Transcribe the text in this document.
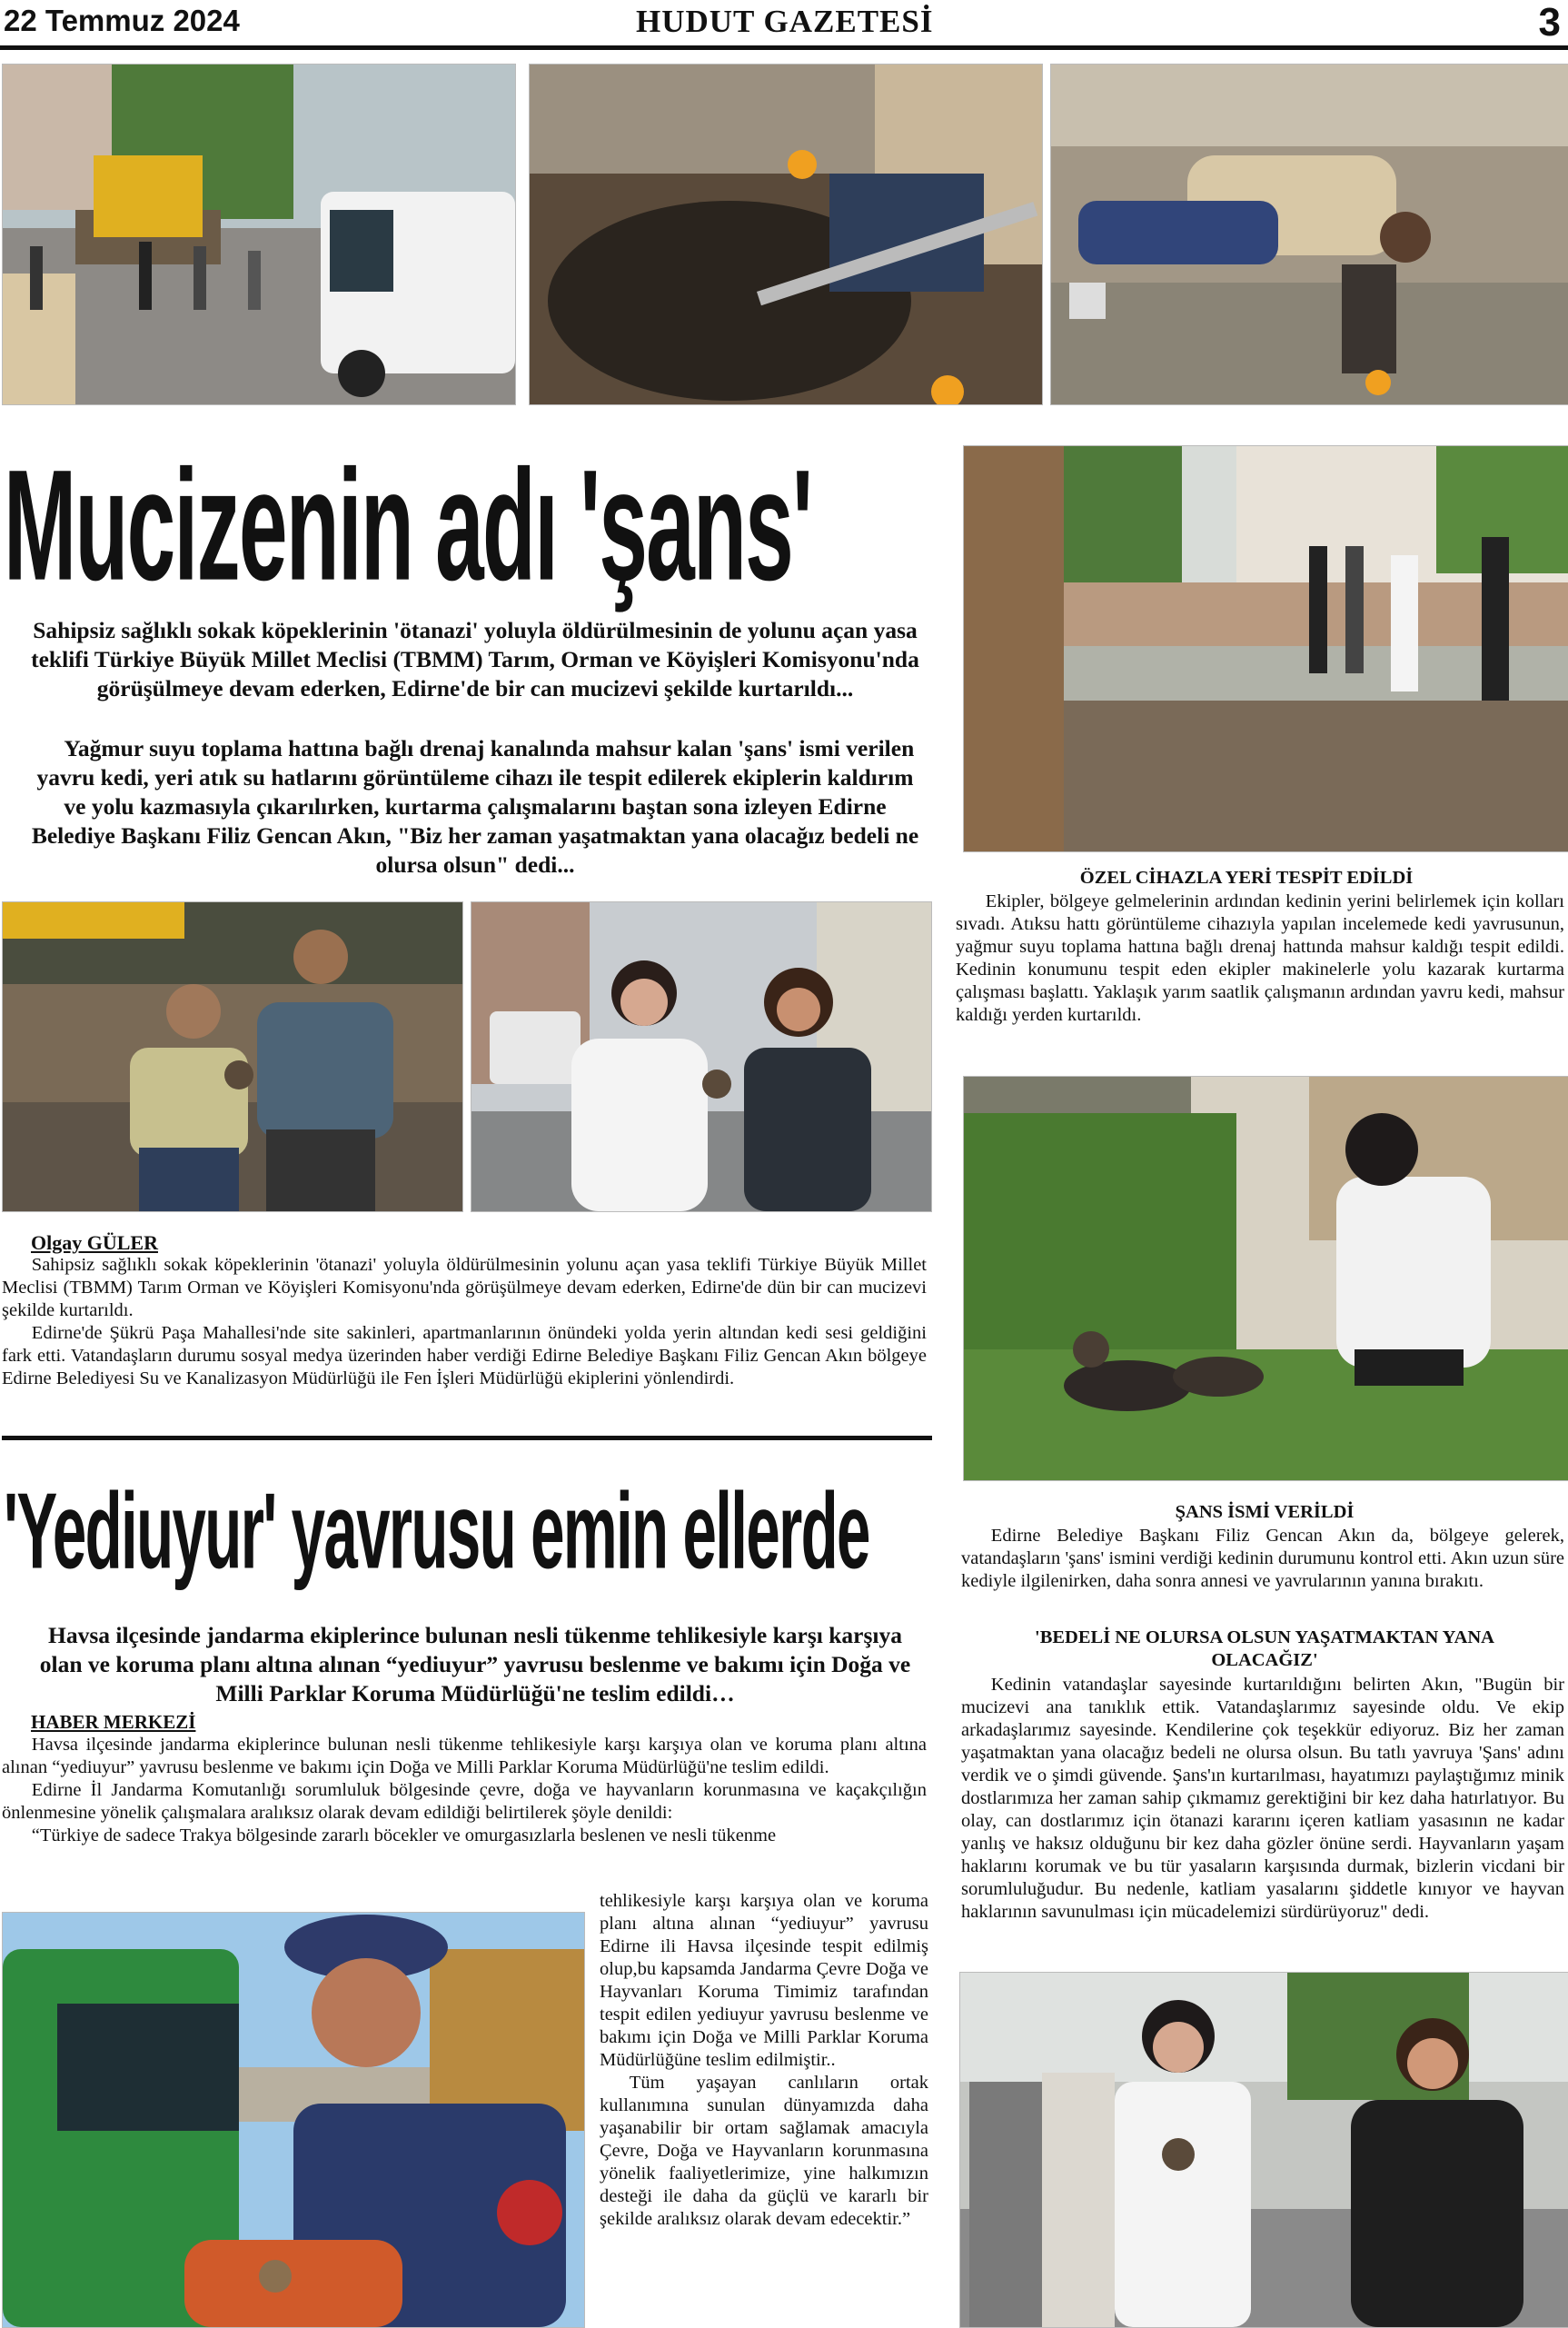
22 Temmuz 2024	HUDUT GAZETESİ	3
Mucizenin adı 'şans'
Sahipsiz sağlıklı sokak köpeklerinin 'ötanazi' yoluyla öldürülmesinin de yolunu açan yasa teklifi Türkiye Büyük Millet Meclisi (TBMM) Tarım, Orman ve Köyişleri Komisyonu'nda görüşülmeye devam ederken, Edirne'de bir can mucizevi şekilde kurtarıldı...
Yağmur suyu toplama hattına bağlı drenaj kanalında mahsur kalan 'şans' ismi verilen yavru kedi, yeri atık su hatlarını görüntüleme cihazı ile tespit edilerek ekiplerin kaldırım ve yolu kazmasıyla çıkarılırken, kurtarma çalışmalarını baştan sona izleyen Edirne Belediye Başkanı Filiz Gencan Akın, "Biz her zaman yaşatmaktan yana olacağız bedeli ne olursa olsun" dedi...	ÖZEL CİHAZLA YERİ TESPİT EDİLDİ

Ekipler, bölgeye gelmelerinin ardından kedinin yerini belirlemek için kolları sıvadı. Atıksu hattı görüntüleme cihazıyla yapılan incelemede kedi yavrusunun, yağmur suyu toplama hattına bağlı drenaj hattında mahsur kaldığı tespit edildi. Kedinin konumunu tespit eden ekipler makinelerle yolu kazarak kurtarma çalışması başlattı. Yaklaşık yarım saatlik çalışmanın ardından yavru kedi, mahsur kaldığı yerden kurtarıldı.

ŞANS İSMİ VERİLDİ

Edirne Belediye Başkanı Filiz Gencan Akın da, bölgeye gelerek, vatandaşların 'şans' ismini verdiği kedinin durumunu kontrol etti. Akın uzun süre kediyle ilgilenirken, daha sonra annesi ve yavrularının yanına bırakıtı.

'BEDELİ NE OLURSA OLSUN YAŞATMAKTAN YANA OLACAĞIZ'

Kedinin vatandaşlar sayesinde kurtarıldığını belirten Akın, "Bugün bir mucizevi ana tanıklık ettik. Vatandaşlarımız sayesinde oldu. Ve ekip arkadaşlarımız sayesinde. Kendilerine çok teşekkür ediyoruz. Biz her zaman yaşatmaktan yana olacağız bedeli ne olursa olsun. Bu tatlı yavruya 'Şans' adını verdik ve o şimdi güvende. Şans'ın kurtarılması, hayatımızı paylaştığımız minik dostlarımıza her zaman sahip çıkmamız gerektiğini bir kez daha hatırlatıyor. Bu olay, can dostlarımız için ötanazi kararını içeren katliam yasasının ne kadar yanlış ve haksız olduğunu bir kez daha gözler önüne serdi. Hayvanların yaşam haklarını korumak ve bu tür yasaların karşısında durmak, bizlerin vicdani bir sorumluluğudur. Bu nedenle, katliam yasalarını şiddetle kınıyor ve hayvan haklarının savunulması için mücadelemizi sürdürüyoruz" dedi.

Olgay GÜLER

Sahipsiz sağlıklı sokak köpeklerinin 'ötanazi' yoluyla öldürülmesinin yolunu açan yasa teklifi Türkiye Büyük Millet Meclisi (TBMM) Tarım Orman ve Köyişleri Komisyonu'nda görüşülmeye devam ederken, Edirne'de dün bir can mucizevi şekilde kurtarıldı.

Edirne'de Şükrü Paşa Mahallesi'nde site sakinleri, apartmanlarının önündeki yolda yerin altından kedi sesi geldiğini fark etti. Vatandaşların durumu sosyal medya üzerinden haber verdiği Edirne Belediye Başkanı Filiz Gencan Akın bölgeye Edirne Belediyesi Su ve Kanalizasyon Müdürlüğü ile Fen İşleri Müdürlüğü ekiplerini yönlendirdi.

'Yediuyur' yavrusu emin ellerde
Havsa ilçesinde jandarma ekiplerince bulunan nesli tükenme tehlikesiyle karşı karşıya olan ve koruma planı altına alınan “yediuyur” yavrusu beslenme ve bakımı için Doğa ve Milli Parklar Koruma Müdürlüğü'ne teslim edildi…
HABER MERKEZİ

Havsa ilçesinde jandarma ekiplerince bulunan nesli tükenme tehlikesiyle karşı karşıya olan ve koruma planı altına alınan “yediuyur” yavrusu beslenme ve bakımı için Doğa ve Milli Parklar Koruma Müdürlüğü'ne teslim edildi.

Edirne İl Jandarma Komutanlığı sorumluluk bölgesinde çevre, doğa ve hayvanların korunmasına ve kaçakçılığın önlenmesine yönelik çalışmalara aralıksız olarak devam edildiği belirtilerek şöyle denildi:

“Türkiye de sadece Trakya bölgesinde zararlı böcekler ve omurgasızlarla beslenen ve nesli tükenme

tehlikesiyle karşı karşıya olan ve koruma planı altına alınan “yediuyur” yavrusu Edirne ili Havsa ilçesinde tespit edilmiş olup,bu kapsamda Jandarma Çevre Doğa ve Hayvanları Koruma Timimiz tarafından tespit edilen yediuyur yavrusu beslenme ve bakımı için Doğa ve Milli Parklar Koruma Müdürlüğüne teslim edilmiştir..

Tüm yaşayan canlıların ortak kullanımına sunulan dünyamızda daha yaşanabilir bir ortam sağlamak amacıyla Çevre, Doğa ve Hayvanların korunmasına yönelik faaliyetlerimize, yine halkımızın desteği ile daha da güçlü ve kararlı bir şekilde aralıksız olarak devam edecektir.”
